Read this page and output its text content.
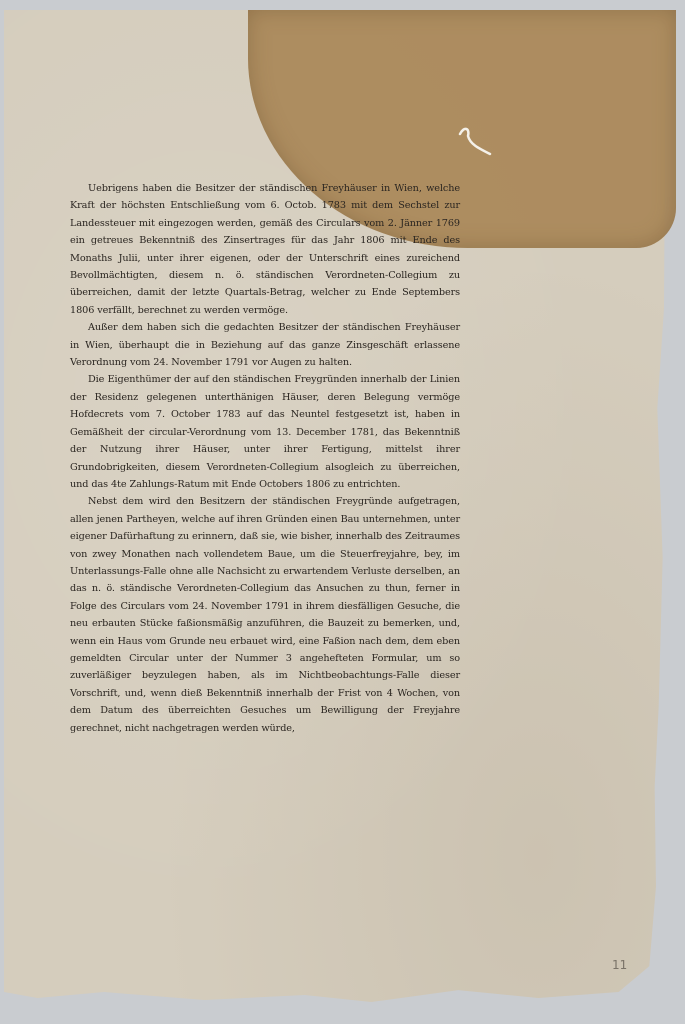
Uebrigens haben die Besitzer der ständischen Freyhäuser in Wien, welche Kraft der höchsten Entschließung vom 6. Octob. 1783 mit dem Sechstel zur Landessteuer mit eingezogen werden, gemäß des Circulars vom 2. Jänner 1769 ein getreues Bekenntniß des Zinsertrages für das Jahr 1806 mit Ende des Monaths Julii, unter ihrer eigenen, oder der Unterschrift eines zureichend Bevollmächtigten, diesem n. ö. ständischen Verordneten-Collegium zu überreichen, damit der letzte Quartals-Betrag, welcher zu Ende Septembers 1806 verfällt, berechnet zu werden vermöge.

Außer dem haben sich die gedachten Besitzer der ständischen Freyhäuser in Wien, überhaupt die in Beziehung auf das ganze Zinsgeschäft erlassene Verordnung vom 24. November 1791 vor Augen zu halten.

Die Eigenthümer der auf den ständischen Freygründen innerhalb der Linien der Residenz gelegenen unterthänigen Häuser, deren Belegung vermöge Hofdecrets vom 7. October 1783 auf das Neuntel festgesetzt ist, haben in Gemäßheit der circular-Verordnung vom 13. December 1781, das Bekenntniß der Nutzung ihrer Häuser, unter ihrer Fertigung, mittelst ihrer Grundobrigkeiten, diesem Verordneten-Collegium alsogleich zu überreichen, und das 4te Zahlungs-Ratum mit Ende Octobers 1806 zu entrichten.

Nebst dem wird den Besitzern der ständischen Freygründe aufgetragen, allen jenen Partheyen, welche auf ihren Gründen einen Bau unternehmen, unter eigener Dafürhaftung zu erinnern, daß sie, wie bisher, innerhalb des Zeitraumes von zwey Monathen nach vollendetem Baue, um die Steuerfreyjahre, bey, im Unterlassungs-Falle ohne alle Nachsicht zu erwartendem Verluste derselben, an das n. ö. ständische Verordneten-Collegium das Ansuchen zu thun, ferner in Folge des Circulars vom 24. November 1791 in ihrem diesfälligen Gesuche, die neu erbauten Stücke faßionsmäßig anzuführen, die Bauzeit zu bemerken, und, wenn ein Haus vom Grunde neu erbauet wird, eine Faßion nach dem, dem eben gemeldten Circular unter der Nummer 3 angehefteten Formular, um so zuverläßiger beyzulegen haben, als im Nichtbeobachtungs-Falle dieser Vorschrift, und, wenn dieß Bekenntniß innerhalb der Frist von 4 Wochen, von dem Datum des überreichten Gesuches um Bewilligung der Freyjahre gerechnet, nicht nachgetragen werden würde,

11
